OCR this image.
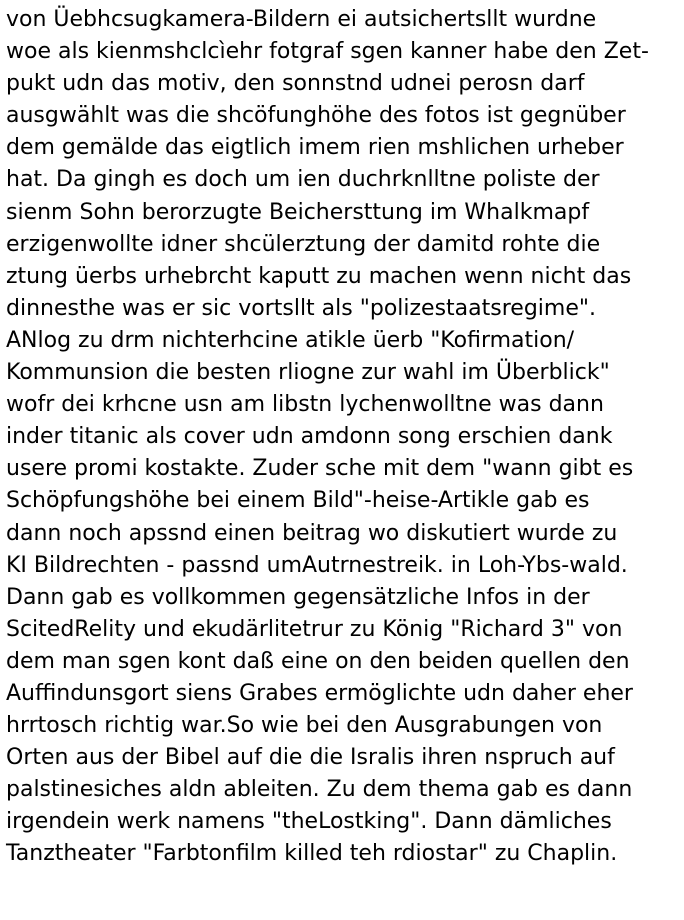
von Üebhcsugkamera-Bildern ei autsichertsllt wurdne
woe als kienmshclcìehr fotgraf sgen kanner habe den Zet-
pukt udn das motiv, den sonnstnd udnei perosn darf
ausgwählt was die shcöfunghöhe des fotos ist gegnüber
dem gemälde das eigtlich imem rien mshlichen urheber
hat. Da gingh es doch um ien duchrknlltne poliste der
sienm Sohn berorzugte Beichersttung im Whalkmapf
erzigenwollte idner shcülerztung der damitd rohte die
ztung üerbs urhebrcht kaputt zu machen wenn nicht das
dinnesthe was er sic vortsllt als "polizestaatsregime".
ANlog zu drm nichterhcine atikle üerb "Kofirmation/
Kommunsion die besten rliogne zur wahl im Überblick"
wofr dei krhcne usn am libstn lychenwolltne was dann
inder titanic als cover udn amdonn song erschien dank
usere promi kostakte. Zuder sche mit dem "wann gibt es
Schöpfungshöhe bei einem Bild"-heise-Artikle gab es
dann noch apssnd einen beitrag wo diskutiert wurde zu
KI Bildrechten - passnd umAutrnestreik. in Loh-Ybs-wald.
Dann gab es vollkommen gegensätzliche Infos in der
ScitedRelity und ekudärlitetrur zu König "Richard 3" von
dem man sgen kont daß eine on den beiden quellen den
Auffindunsgort siens Grabes ermöglichte udn daher eher
hrrtosch richtig war.So wie bei den Ausgrabungen von
Orten aus der Bibel auf die die Isralis ihren nspruch auf
palstinesiches aldn ableiten. Zu dem thema gab es dann
irgendein werk namens "theLostking". Dann dämliches
Tanztheater "Farbtonfilm killed teh rdiostar" zu Chaplin.
